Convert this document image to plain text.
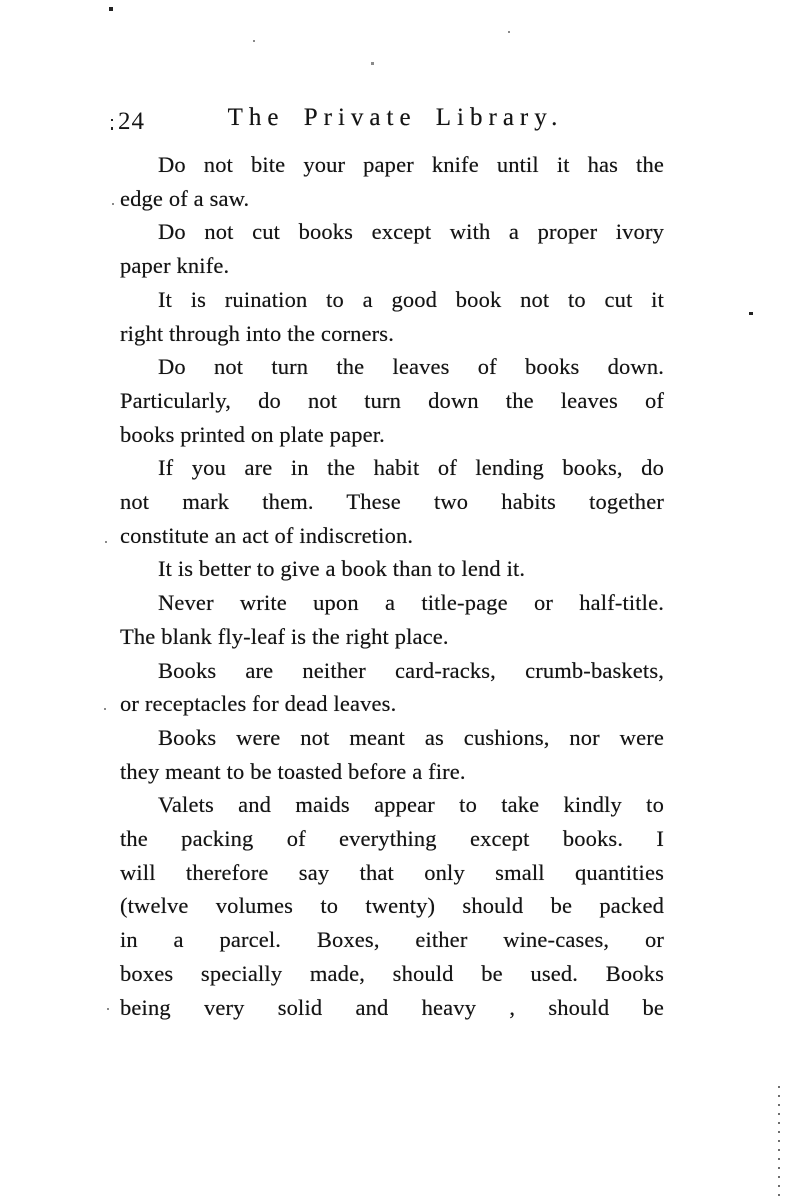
24	The Private Library.

Do not bite your paper knife until it has the
edge of a saw.

Do not cut books except with a proper ivory
paper knife.

It is ruination to a good book not to cut it
right through into the corners.

Do not turn the leaves of books down.
Particularly, do not turn down the leaves of
books printed on plate paper.

If you are in the habit of lending books, do
not mark them. These two habits together
constitute an act of indiscretion.

It is better to give a book than to lend it.

Never write upon a title-page or half-title.
The blank fly-leaf is the right place.

Books are neither card-racks, crumb-baskets,
or receptacles for dead leaves.

Books were not meant as cushions, nor were
they meant to be toasted before a fire.

Valets and maids appear to take kindly to
the packing of everything except books. I
will therefore say that only small quantities
(twelve volumes to twenty) should be packed
in a parcel. Boxes, either wine-cases, or
boxes specially made, should be used. Books
being very solid and heavy , should be
